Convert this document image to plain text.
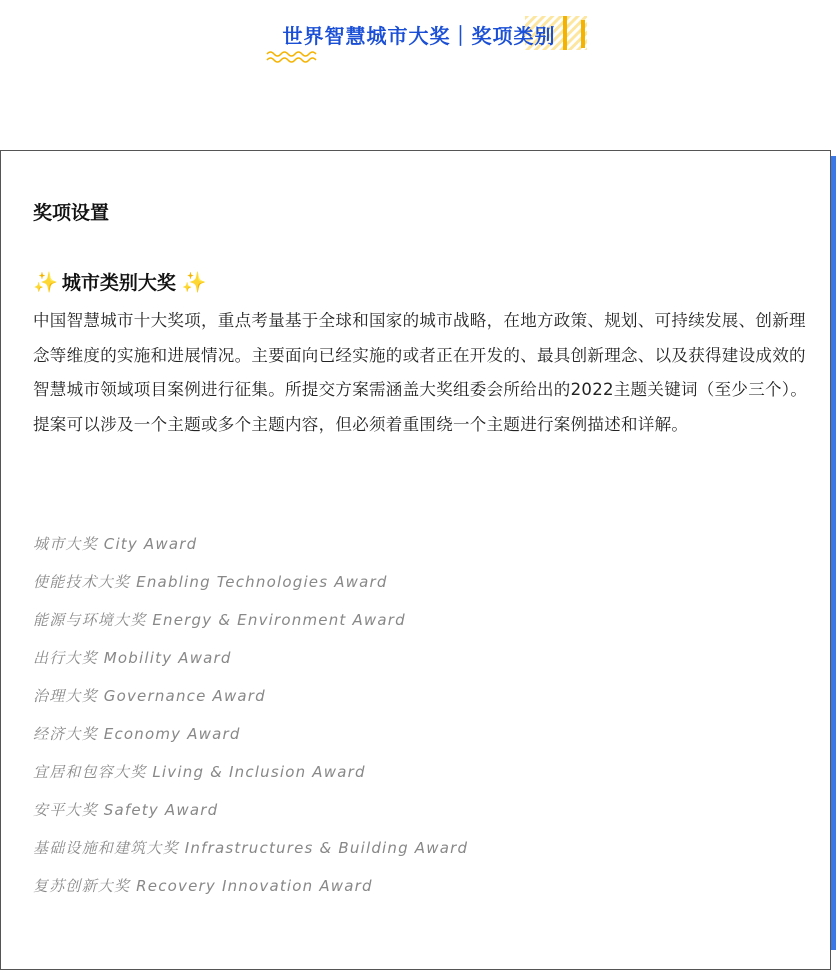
世界智慧城市大奖｜奖项类别
奖项设置
✨ 城市类别大奖 ✨

中国智慧城市十大奖项，重点考量基于全球和国家的城市战略，在地方政策、规划、可持续发展、创新理念等维度的实施和进展情况。主要面向已经实施的或者正在开发的、最具创新理念、以及获得建设成效的智慧城市领域项目案例进行征集。所提交方案需涵盖大奖组委会所给出的2022主题关键词（至少三个）。提案可以涉及一个主题或多个主题内容，但必须着重围绕一个主题进行案例描述和详解。

城市大奖 City Award
使能技术大奖 Enabling Technologies Award
能源与环境大奖 Energy & Environment Award
出行大奖 Mobility Award
治理大奖 Governance Award
经济大奖 Economy Award
宜居和包容大奖 Living & Inclusion Award
安平大奖 Safety Award
基础设施和建筑大奖 Infrastructures & Building Award
复苏创新大奖 Recovery Innovation Award
